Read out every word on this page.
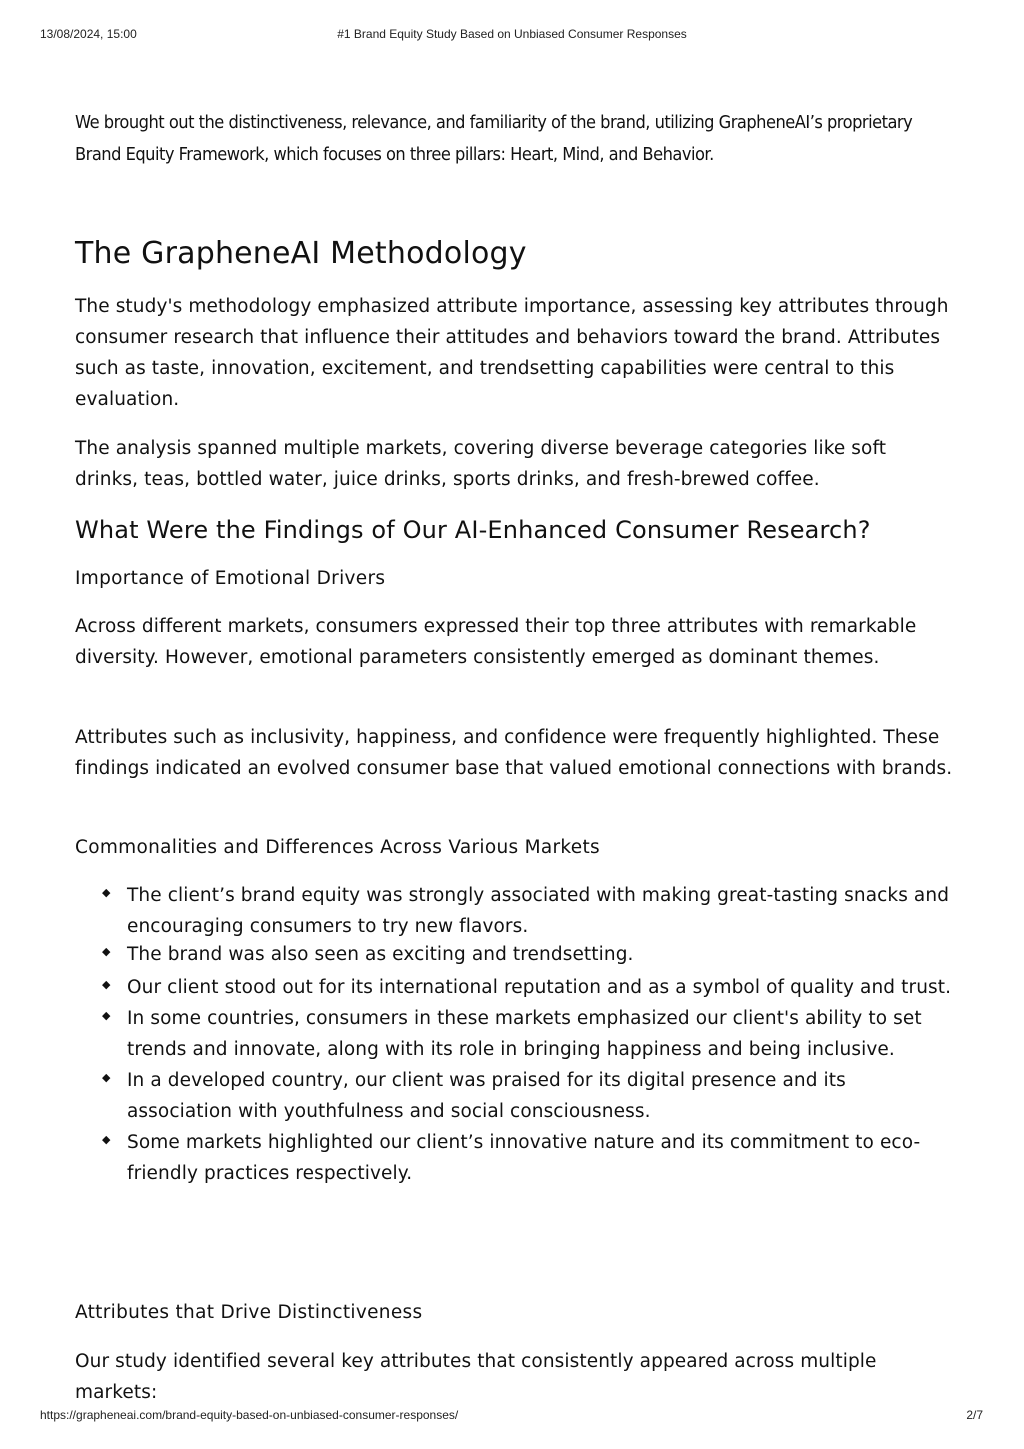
13/08/2024, 15:00	#1 Brand Equity Study Based on Unbiased Consumer Responses

We brought out the distinctiveness, relevance, and familiarity of the brand, utilizing GrapheneAI’s proprietary Brand Equity Framework, which focuses on three pillars: Heart, Mind, and Behavior.

The GrapheneAI Methodology

The study's methodology emphasized attribute importance, assessing key attributes through consumer research that influence their attitudes and behaviors toward the brand. Attributes such as taste, innovation, excitement, and trendsetting capabilities were central to this evaluation.

The analysis spanned multiple markets, covering diverse beverage categories like soft drinks, teas, bottled water, juice drinks, sports drinks, and fresh-brewed coffee.

What Were the Findings of Our AI-Enhanced Consumer Research?

Importance of Emotional Drivers

Across different markets, consumers expressed their top three attributes with remarkable diversity. However, emotional parameters consistently emerged as dominant themes.

Attributes such as inclusivity, happiness, and confidence were frequently highlighted. These findings indicated an evolved consumer base that valued emotional connections with brands.

Commonalities and Differences Across Various Markets

◆ The client’s brand equity was strongly associated with making great-tasting snacks and encouraging consumers to try new flavors.
◆ The brand was also seen as exciting and trendsetting.
◆ Our client stood out for its international reputation and as a symbol of quality and trust.
◆ In some countries, consumers in these markets emphasized our client's ability to set trends and innovate, along with its role in bringing happiness and being inclusive.
◆ In a developed country, our client was praised for its digital presence and its association with youthfulness and social consciousness.
◆ Some markets highlighted our client’s innovative nature and its commitment to eco-friendly practices respectively.

Attributes that Drive Distinctiveness

Our study identified several key attributes that consistently appeared across multiple markets:

https://grapheneai.com/brand-equity-based-on-unbiased-consumer-responses/	2/7
